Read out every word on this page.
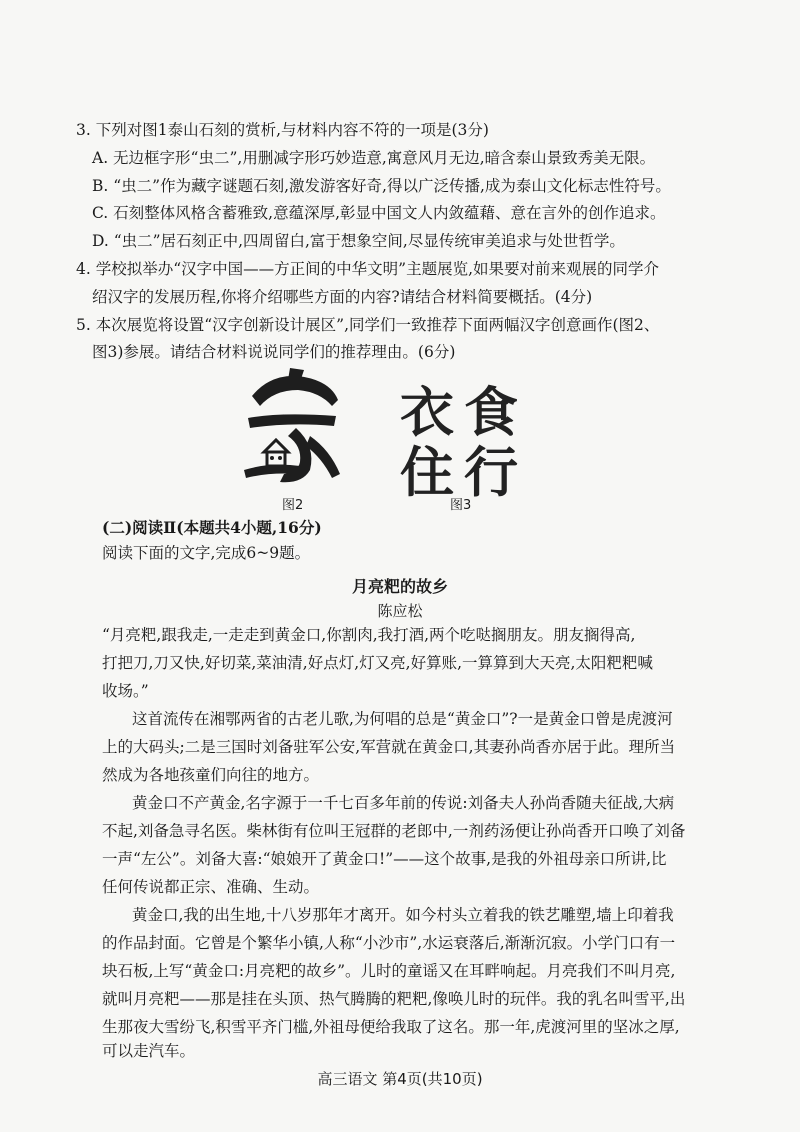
3. 下列对图1泰山石刻的赏析,与材料内容不符的一项是(3分)
A. 无边框字形“虫二”,用删减字形巧妙造意,寓意风月无边,暗含泰山景致秀美无限。
B. “虫二”作为藏字谜题石刻,激发游客好奇,得以广泛传播,成为泰山文化标志性符号。
C. 石刻整体风格含蓄雅致,意蕴深厚,彰显中国文人内敛蕴藉、意在言外的创作追求。
D. “虫二”居石刻正中,四周留白,富于想象空间,尽显传统审美追求与处世哲学。
4. 学校拟举办“汉字中国——方正间的中华文明”主题展览,如果要对前来观展的同学介
绍汉字的发展历程,你将介绍哪些方面的内容?请结合材料简要概括。(4分)
5. 本次展览将设置“汉字创新设计展区”,同学们一致推荐下面两幅汉字创意画作(图2、
图3)参展。请结合材料说说同学们的推荐理由。(6分)
图2
衣 食
住 行
图3
(二)阅读Ⅱ(本题共4小题,16分)
阅读下面的文字,完成6~9题。
月亮粑的故乡
陈应松
“月亮粑,跟我走,一走走到黄金口,你割肉,我打酒,两个吃哒搁朋友。朋友搁得高,
打把刀,刀又快,好切菜,菜油清,好点灯,灯又亮,好算账,一算算到大天亮,太阳粑粑喊
收场。”
这首流传在湘鄂两省的古老儿歌,为何唱的总是“黄金口”?一是黄金口曾是虎渡河
上的大码头;二是三国时刘备驻军公安,军营就在黄金口,其妻孙尚香亦居于此。理所当
然成为各地孩童们向往的地方。
黄金口不产黄金,名字源于一千七百多年前的传说:刘备夫人孙尚香随夫征战,大病
不起,刘备急寻名医。柴林街有位叫王冠群的老郎中,一剂药汤便让孙尚香开口唤了刘备
一声“左公”。刘备大喜:“娘娘开了黄金口!”——这个故事,是我的外祖母亲口所讲,比
任何传说都正宗、准确、生动。
黄金口,我的出生地,十八岁那年才离开。如今村头立着我的铁艺雕塑,墙上印着我
的作品封面。它曾是个繁华小镇,人称“小沙市”,水运衰落后,渐渐沉寂。小学门口有一
块石板,上写“黄金口:月亮粑的故乡”。儿时的童谣又在耳畔响起。月亮我们不叫月亮,
就叫月亮粑——那是挂在头顶、热气腾腾的粑粑,像唤儿时的玩伴。我的乳名叫雪平,出
生那夜大雪纷飞,积雪平齐门槛,外祖母便给我取了这名。那一年,虎渡河里的坚冰之厚,
可以走汽车。
高三语文 第4页(共10页)
